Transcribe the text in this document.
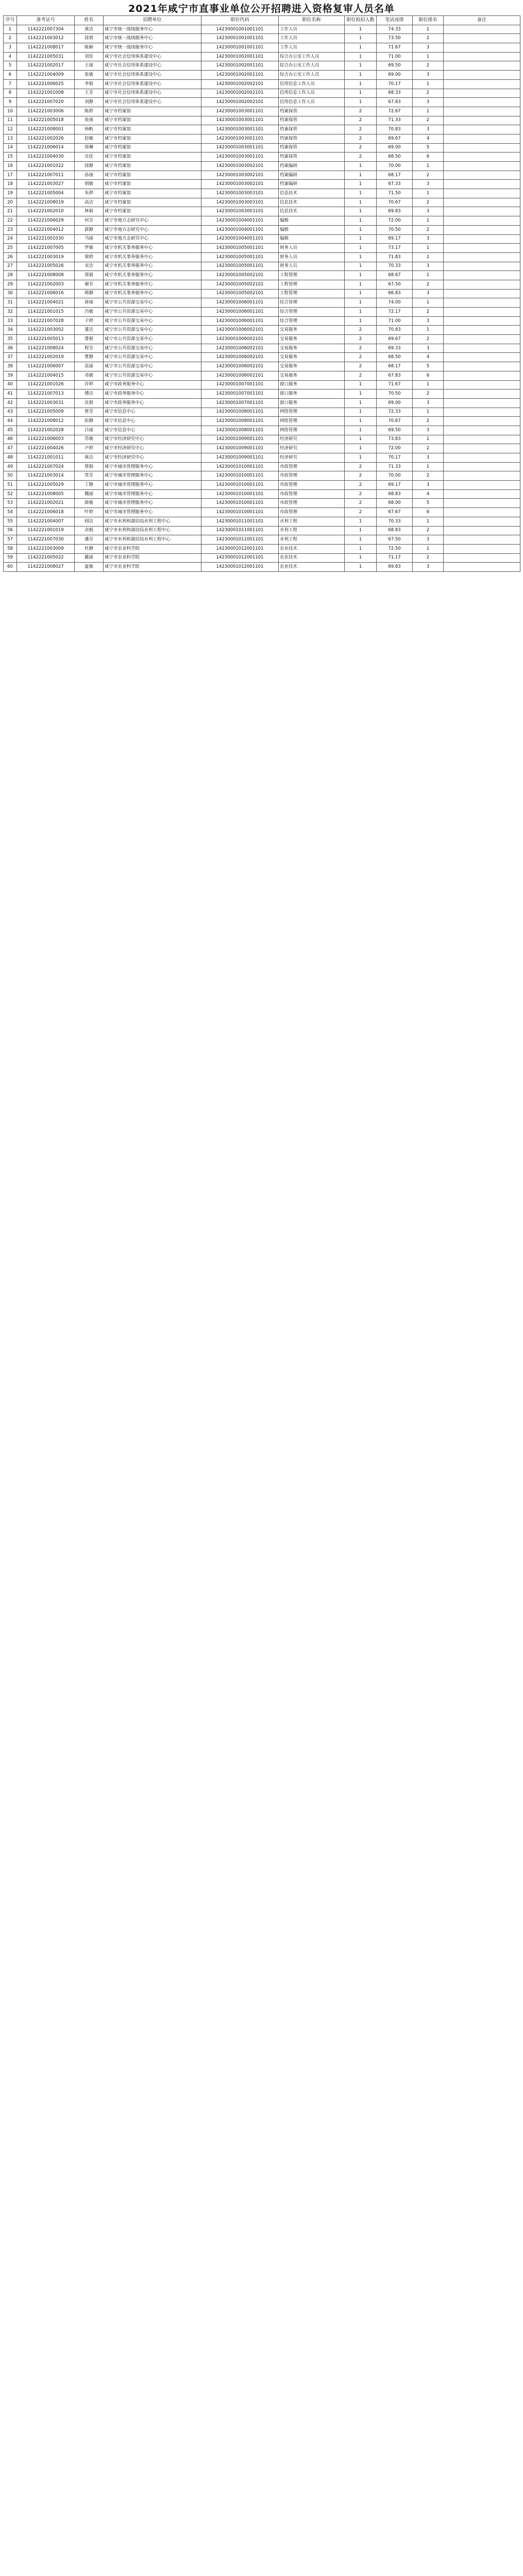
2021年咸宁市直事业单位公开招聘进入资格复审人员名单
序号	准考证号	姓名	招聘单位	职位代码	职位名称	职位拟招人数	笔试成绩	职位排名	备注
1	1142221007304	黄洁	咸宁市统一战线服务中心	14230001001001101	工作人员	1	74.33	1	
2	1142221003012	徐倩	咸宁市统一战线服务中心	14230001001001101	工作人员	1	73.50	2	
3	1142221008017	陈颖	咸宁市统一战线服务中心	14230001001001101	工作人员	1	71.67	3	
4	1142221005031	刘佳	咸宁市社会信用体系建设中心	14230001002001101	综合办公室工作人员	1	71.00	1	
5	1142221002017	王丽	咸宁市社会信用体系建设中心	14230001002001101	综合办公室工作人员	1	69.50	2	
6	1142221004009	张敏	咸宁市社会信用体系建设中心	14230001002001101	综合办公室工作人员	1	69.00	3	
7	1142221006025	李娟	咸宁市社会信用体系建设中心	14230001002002101	信用信息工作人员	1	70.17	1	
8	1142221001008	王芳	咸宁市社会信用体系建设中心	14230001002002101	信用信息工作人员	1	68.33	2	
9	1142221007020	刘静	咸宁市社会信用体系建设中心	14230001002002101	信用信息工作人员	1	67.83	3	
10	1142221003006	陈婷	咸宁市档案馆	14230001003001101	档案保管	2	72.67	1	
11	1142221005018	张丽	咸宁市档案馆	14230001003001101	档案保管	2	71.33	2	
12	1142221008001	杨帆	咸宁市档案馆	14230001003001101	档案保管	2	70.83	3	
13	1142221002026	赵敏	咸宁市档案馆	14230001003001101	档案保管	2	69.67	4	
14	1142221006014	周琳	咸宁市档案馆	14230001003001101	档案保管	2	69.00	5	
15	1142221004030	吴佳	咸宁市档案馆	14230001003001101	档案保管	2	68.50	6	
16	1142221001022	徐静	咸宁市档案馆	14230001003002101	档案编研	1	70.00	1	
17	1142221007011	孙丽	咸宁市档案馆	14230001003002101	档案编研	1	68.17	2	
18	1142221003027	胡敏	咸宁市档案馆	14230001003002101	档案编研	1	67.33	3	
19	1142221005004	朱婷	咸宁市档案馆	14230001003003101	信息技术	1	71.50	1	
20	1142221008019	高洁	咸宁市档案馆	14230001003003101	信息技术	1	70.67	2	
21	1142221002010	林娟	咸宁市档案馆	14230001003003101	信息技术	1	69.83	3	
22	1142221006029	何芳	咸宁市地方志研究中心	14230001004001101	编辑	1	72.00	1	
23	1142221004012	郭静	咸宁市地方志研究中心	14230001004001101	编辑	1	70.50	2	
24	1142221001030	马丽	咸宁市地方志研究中心	14230001004001101	编辑	1	69.17	3	
25	1142221007005	罗敏	咸宁市机关事务服务中心	14230001005001101	财务人员	1	73.17	1	
26	1142221003019	梁婷	咸宁市机关事务服务中心	14230001005001101	财务人员	1	71.83	2	
27	1142221005026	宋洁	咸宁市机关事务服务中心	14230001005001101	财务人员	1	70.33	3	
28	1142221008008	郑娟	咸宁市机关事务服务中心	14230001005002101	工程管理	1	68.67	1	
29	1142221002003	谢芳	咸宁市机关事务服务中心	14230001005002101	工程管理	1	67.50	2	
30	1142221006016	韩静	咸宁市机关事务服务中心	14230001005002101	工程管理	1	66.83	3	
31	1142221004021	唐丽	咸宁市公共资源交易中心	14230001006001101	综合管理	1	74.00	1	
32	1142221001015	冯敏	咸宁市公共资源交易中心	14230001006001101	综合管理	1	72.17	2	
33	1142221007028	于婷	咸宁市公共资源交易中心	14230001006001101	综合管理	1	71.00	3	
34	1142221003002	董洁	咸宁市公共资源交易中心	14230001006002101	交易服务	2	70.83	1	
35	1142221005013	萧娟	咸宁市公共资源交易中心	14230001006002101	交易服务	2	69.67	2	
36	1142221008024	程芳	咸宁市公共资源交易中心	14230001006002101	交易服务	2	69.33	3	
37	1142221002019	曹静	咸宁市公共资源交易中心	14230001006002101	交易服务	2	68.50	4	
38	1142221006007	袁丽	咸宁市公共资源交易中心	14230001006002101	交易服务	2	68.17	5	
39	1142221004015	邓敏	咸宁市公共资源交易中心	14230001006002101	交易服务	2	67.83	6	
40	1142221001026	许婷	咸宁市政务服务中心	14230001007001101	窗口服务	1	71.67	1	
41	1142221007013	傅洁	咸宁市政务服务中心	14230001007001101	窗口服务	1	70.50	2	
42	1142221003031	沈娟	咸宁市政务服务中心	14230001007001101	窗口服务	1	69.00	3	
43	1142221005009	曾芳	咸宁市信息中心	14230001008001101	网络管理	1	72.33	1	
44	1142221008012	彭静	咸宁市信息中心	14230001008001101	网络管理	1	70.67	2	
45	1142221002028	吕丽	咸宁市信息中心	14230001008001101	网络管理	1	69.50	3	
46	1142221006003	苏敏	咸宁市经济研究中心	14230001009001101	经济研究	1	73.83	1	
47	1142221004026	卢婷	咸宁市经济研究中心	14230001009001101	经济研究	1	72.00	2	
48	1142221001011	蒋洁	咸宁市经济研究中心	14230001009001101	经济研究	1	70.17	3	
49	1142221007024	蔡娟	咸宁市城市管理服务中心	14230001010001101	市政管理	2	71.33	1	
50	1142221003014	贾芳	咸宁市城市管理服务中心	14230001010001101	市政管理	2	70.00	2	
51	1142221005029	丁静	咸宁市城市管理服务中心	14230001010001101	市政管理	2	69.17	3	
52	1142221008005	魏丽	咸宁市城市管理服务中心	14230001010001101	市政管理	2	68.83	4	
53	1142221002021	薛敏	咸宁市城市管理服务中心	14230001010001101	市政管理	2	68.00	5	
54	1142221006018	叶婷	咸宁市城市管理服务中心	14230001010001101	市政管理	2	67.67	6	
55	1142221004007	阎洁	咸宁市水利和湖泊局水利工程中心	14230001011001101	水利工程	1	70.33	1	
56	1142221001019	余娟	咸宁市水利和湖泊局水利工程中心	14230001011001101	水利工程	1	68.83	2	
57	1142221007030	潘芳	咸宁市水利和湖泊局水利工程中心	14230001011001101	水利工程	1	67.50	3	
58	1142221003009	杜静	咸宁市农业科学院	14230001012001101	农业技术	1	72.50	1	
59	1142221005022	戴丽	咸宁市农业科学院	14230001012001101	农业技术	1	71.17	2	
60	1142221008027	夏敏	咸宁市农业科学院	14230001012001101	农业技术	1	69.83	3	
